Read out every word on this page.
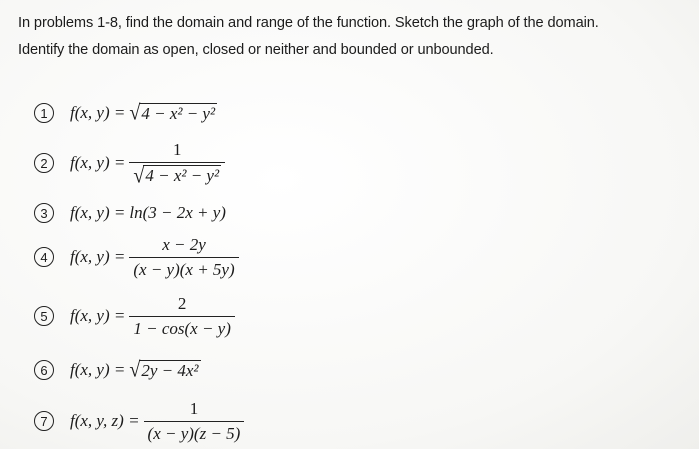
In problems 1-8, find the domain and range of the function. Sketch the graph of the domain.
Identify the domain as open, closed or neither and bounded or unbounded.

1	f(x, y) = √ 4 − x² − y²
2	f(x, $y) = \frac{1}{\text{√ 4 − x² − y²}}$
3	f(x, y) = ln(3 − 2x + y)
4	f(x, $y) = \frac{x - 2y}{(x - y)(x + 5y)}$
5	f(x, $y) = \frac{2}{1 - \cos(x - y)}$
6	f(x, y) = √ 2y − 4x²
7	f(x, y, $z) = \frac{1}{(x - y)(z - 5)}$
